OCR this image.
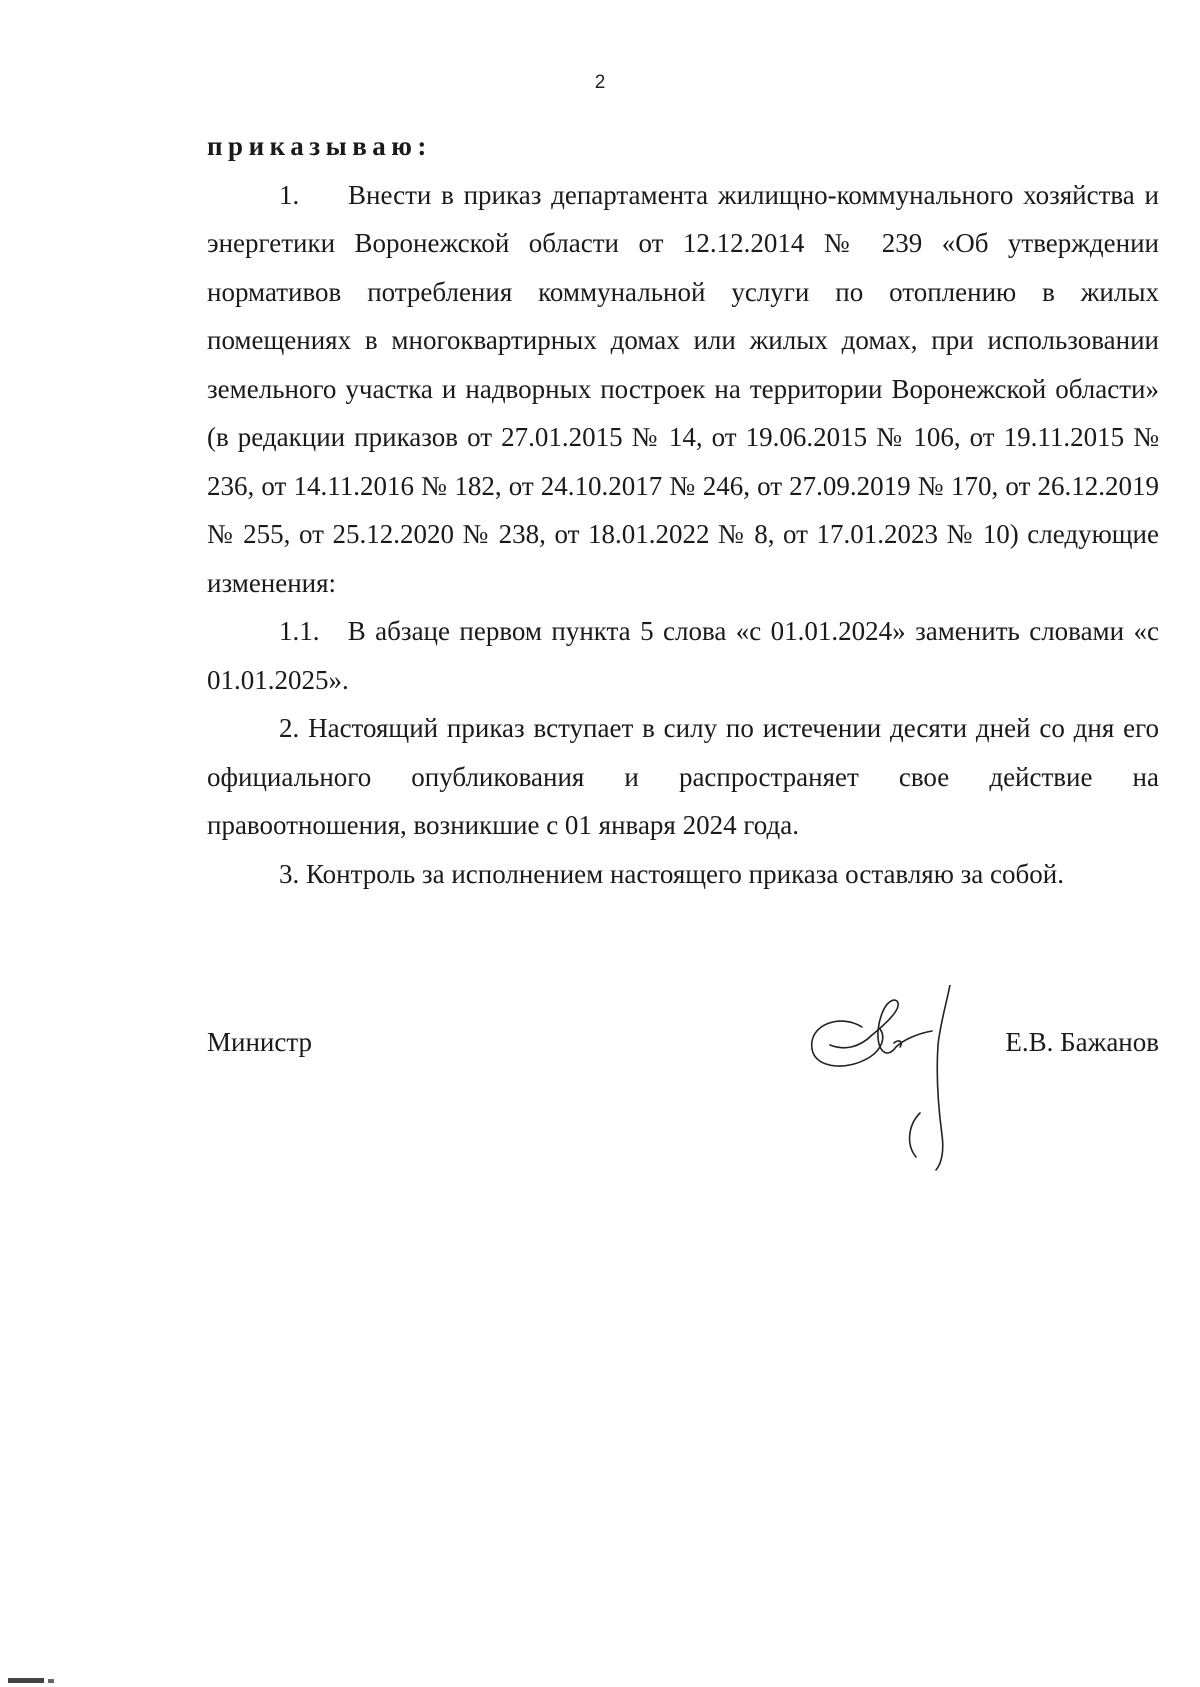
2

приказываю:

1.     Внести в приказ департамента жилищно-коммунального хозяйства и энергетики Воронежской области от 12.12.2014 № 239 «Об утверждении нормативов потребления коммунальной услуги по отоплению в жилых помещениях в многоквартирных домах или жилых домах, при использовании земельного участка и надворных построек на территории Воронежской области» (в редакции приказов от 27.01.2015 № 14, от 19.06.2015 № 106, от 19.11.2015 № 236, от 14.11.2016 № 182, от 24.10.2017 № 246, от 27.09.2019 № 170, от 26.12.2019 № 255, от 25.12.2020 № 238, от 18.01.2022 № 8, от 17.01.2023 № 10) следующие изменения:

1.1.   В абзаце первом пункта 5 слова «с 01.01.2024» заменить словами «с 01.01.2025».

2. Настоящий приказ вступает в силу по истечении десяти дней со дня его официального опубликования и распространяет свое действие на правоотношения, возникшие с 01 января 2024 года.

3. Контроль за исполнением настоящего приказа оставляю за собой.

Министр	Е.В. Бажанов
